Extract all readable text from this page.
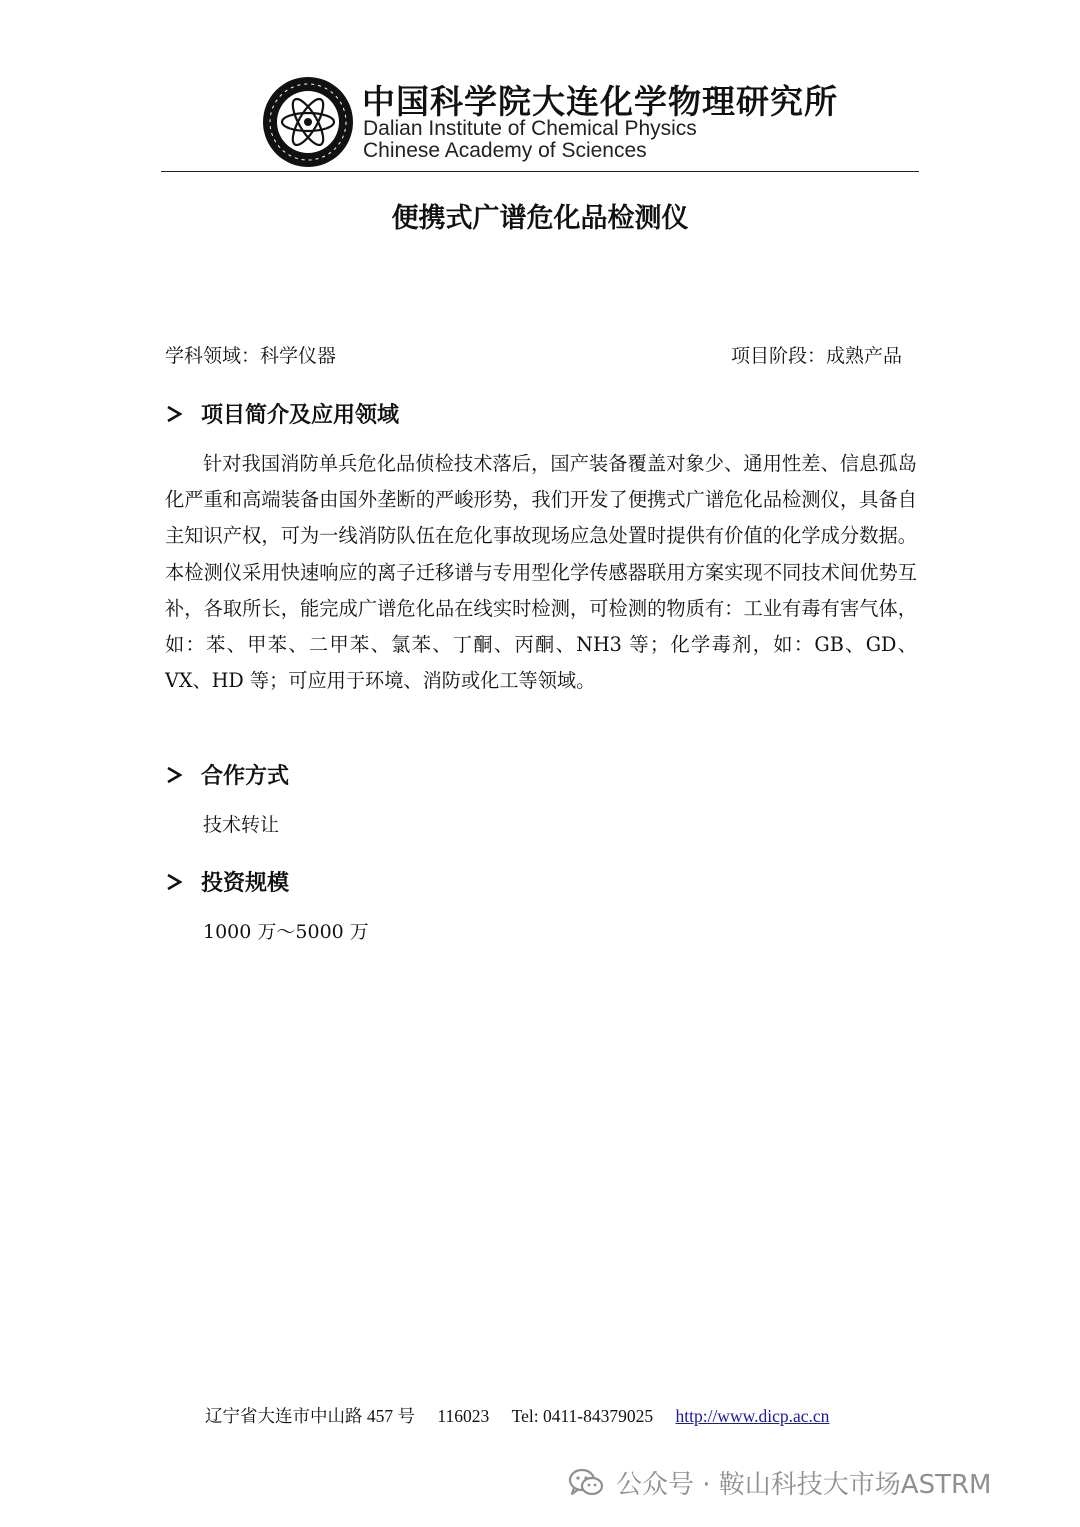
中国科学院大连化学物理研究所
Dalian Institute of Chemical Physics
Chinese Academy of Sciences
便携式广谱危化品检测仪
学科领域：科学仪器	项目阶段：成熟产品
项目简介及应用领域
针对我国消防单兵危化品侦检技术落后，国产装备覆盖对象少、通用性差、信息孤岛化严重和高端装备由国外垄断的严峻形势，我们开发了便携式广谱危化品检测仪，具备自主知识产权，可为一线消防队伍在危化事故现场应急处置时提供有价值的化学成分数据。本检测仪采用快速响应的离子迁移谱与专用型化学传感器联用方案实现不同技术间优势互补，各取所长，能完成广谱危化品在线实时检测，可检测的物质有：工业有毒有害气体，如：苯、甲苯、二甲苯、氯苯、丁酮、丙酮、NH3 等；化学毒剂，如：GB、GD、VX、HD 等；可应用于环境、消防或化工等领域。
合作方式
技术转让
投资规模
1000 万～5000 万
辽宁省大连市中山路 457 号 116023 Tel: 0411-84379025 http://www.dicp.ac.cn
公众号 · 鞍山科技大市场ASTRM
